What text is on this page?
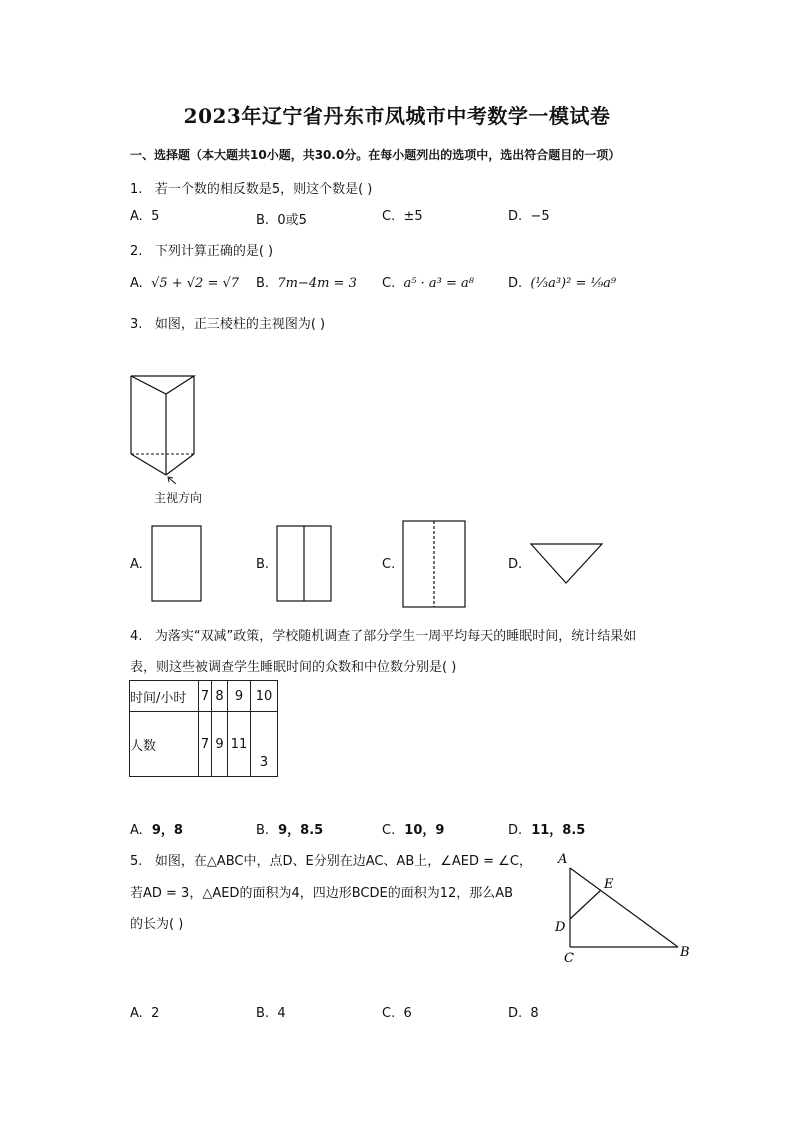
2023年辽宁省丹东市凤城市中考数学一模试卷
一、选择题（本大题共10小题，共30.0分。在每小题列出的选项中，选出符合题目的一项）
1. 若一个数的相反数是5，则这个数是( )
A. 5	B. 0或5	C. ±5	D. −5
2. 下列计算正确的是( )
A. √5 + √2 = √7 B. 7m−4m = 3 C. a⁵ · a³ = a⁸	D. (⅓a³)² = ⅑a⁹
3. 如图，正三棱柱的主视图为( )
主视方向
A.	B.	C.	D.
4. 为落实“双减”政策，学校随机调查了部分学生一周平均每天的睡眠时间，统计结果如
表，则这些被调查学生睡眠时间的众数和中位数分别是( )
时间/小时	7	8	9	10
人数	7	9	11	3
A. 9，8	B. 9，8.5	C. 10，9	D. 11，8.5
5. 如图，在△ABC中，点D、E分别在边AC、AB上，∠AED = ∠C，
若AD = 3，△AED的面积为4，四边形BCDE的面积为12，那么AB
的长为( )
A
E
D
C	B
A. 2	B. 4	C. 6	D. 8
